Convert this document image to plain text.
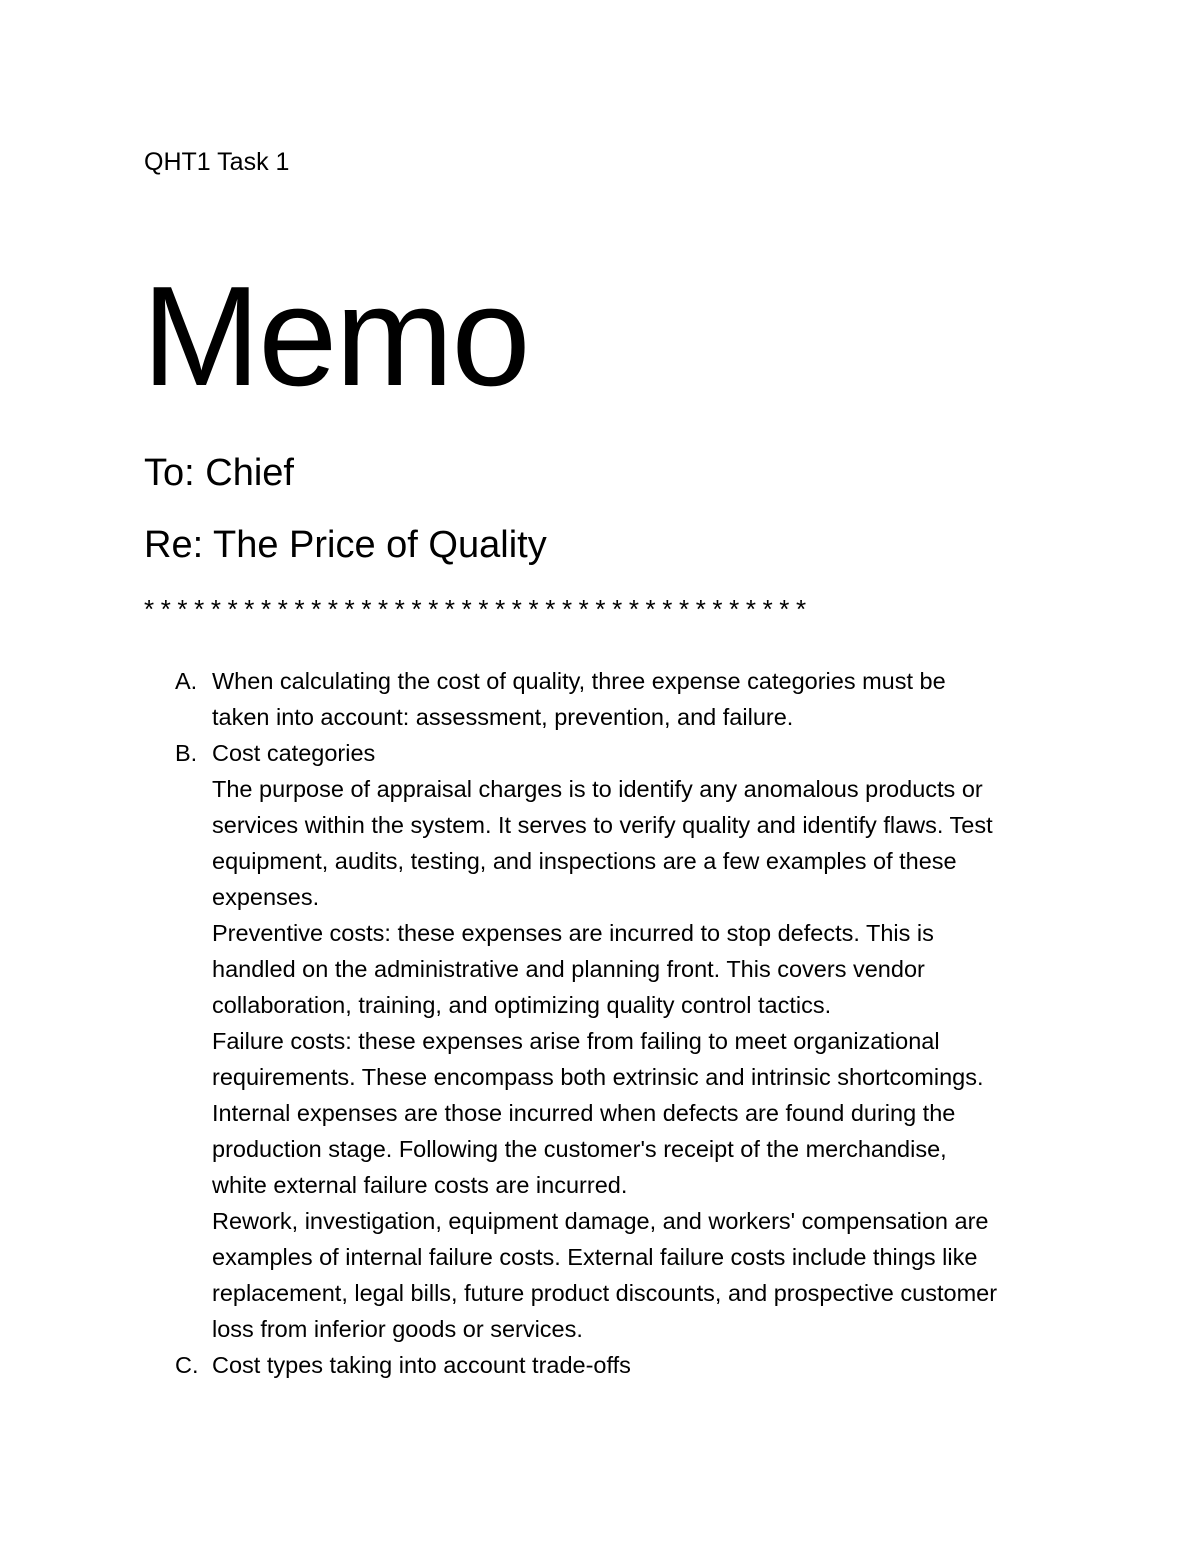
QHT1 Task 1
Memo
To: Chief
Re: The Price of Quality
****************************************
A. When calculating the cost of quality, three expense categories must be
taken into account: assessment, prevention, and failure.
B. Cost categories
The purpose of appraisal charges is to identify any anomalous products or
services within the system. It serves to verify quality and identify flaws. Test
equipment, audits, testing, and inspections are a few examples of these
expenses.
Preventive costs: these expenses are incurred to stop defects. This is
handled on the administrative and planning front. This covers vendor
collaboration, training, and optimizing quality control tactics.
Failure costs: these expenses arise from failing to meet organizational
requirements. These encompass both extrinsic and intrinsic shortcomings.
Internal expenses are those incurred when defects are found during the
production stage. Following the customer's receipt of the merchandise,
white external failure costs are incurred.
Rework, investigation, equipment damage, and workers' compensation are
examples of internal failure costs. External failure costs include things like
replacement, legal bills, future product discounts, and prospective customer
loss from inferior goods or services.
C. Cost types taking into account trade-offs
